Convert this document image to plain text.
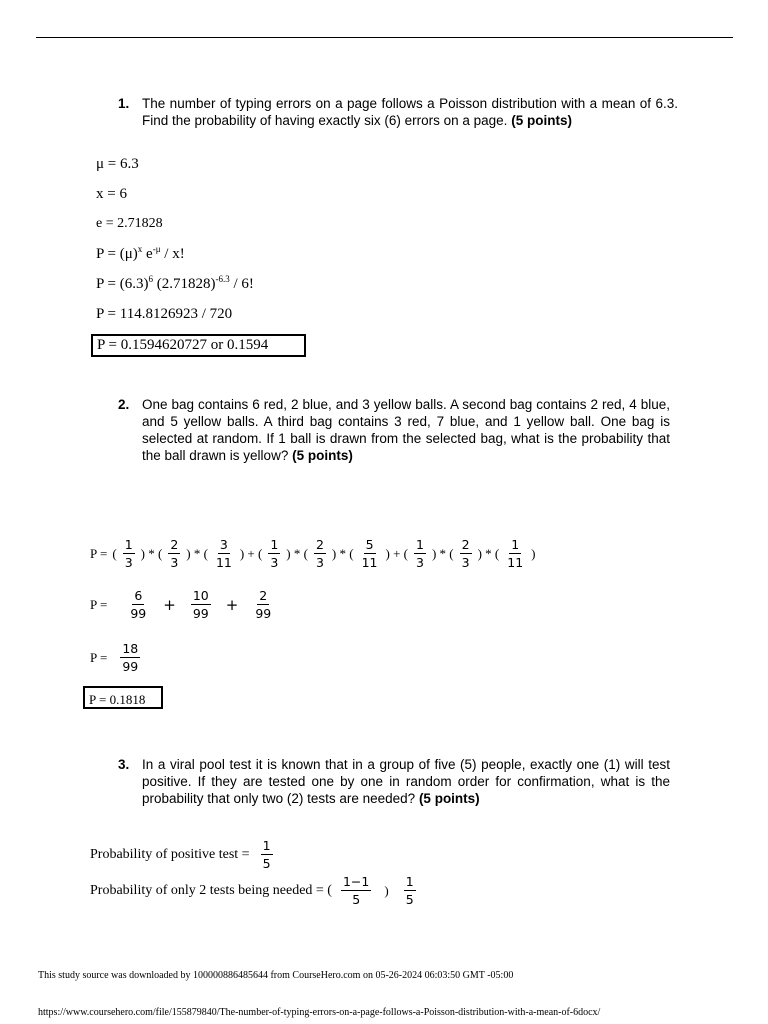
1. The number of typing errors on a page follows a Poisson distribution with a mean of 6.3. Find the probability of having exactly six (6) errors on a page. (5 points)
μ = 6.3
x = 6
e = 2.71828
$P = (\mu)^x$ $e^{-\mu}$ / x!
$P = (6.3)^6$ $(2.71828)^{-6.3} / 6$!
P = 114.8126923 / 720
P = 0.1594620727 or 0.1594
2. One bag contains 6 red, 2 blue, and 3 yellow balls. A second bag contains 2 red, 4 blue, and 5 yellow balls. A third bag contains 3 red, 7 blue, and 1 yellow ball. One bag is selected at random. If 1 ball is drawn from the selected bag, what is the probability that the ball drawn is yellow? (5 points)
P = ( $\frac{1}{3}$ ) * ( $\frac{2}{3}$ ) * ( $\frac{3}{11}$ ) + ( $\frac{1}{3}$ ) * ( $\frac{2}{3}$ ) * ( $\frac{5}{11}$ ) + ( $\frac{1}{3}$ ) * ( $\frac{2}{3}$ ) * ( $\frac{1}{11}$ )
$P = \frac{6}{99} + \frac{10}{99} + \frac{2}{99}$
$P = \frac{18}{99}$
P = 0.1818
3. In a viral pool test it is known that in a group of five (5) people, exactly one (1) will test positive. If they are tested one by one in random order for confirmation, what is the probability that only two (2) tests are needed? (5 points)
Probability of positive test = $\frac{1}{5}$
Probability of only 2 tests being needed = ( $\frac{1-1}{5}$ ) $\frac{1}{5}$
This study source was downloaded by 100000886485644 from CourseHero.com on 05-26-2024 06:03:50 GMT -05:00
https://www.coursehero.com/file/155879840/The-number-of-typing-errors-on-a-page-follows-a-Poisson-distribution-with-a-mean-of-6docx/
